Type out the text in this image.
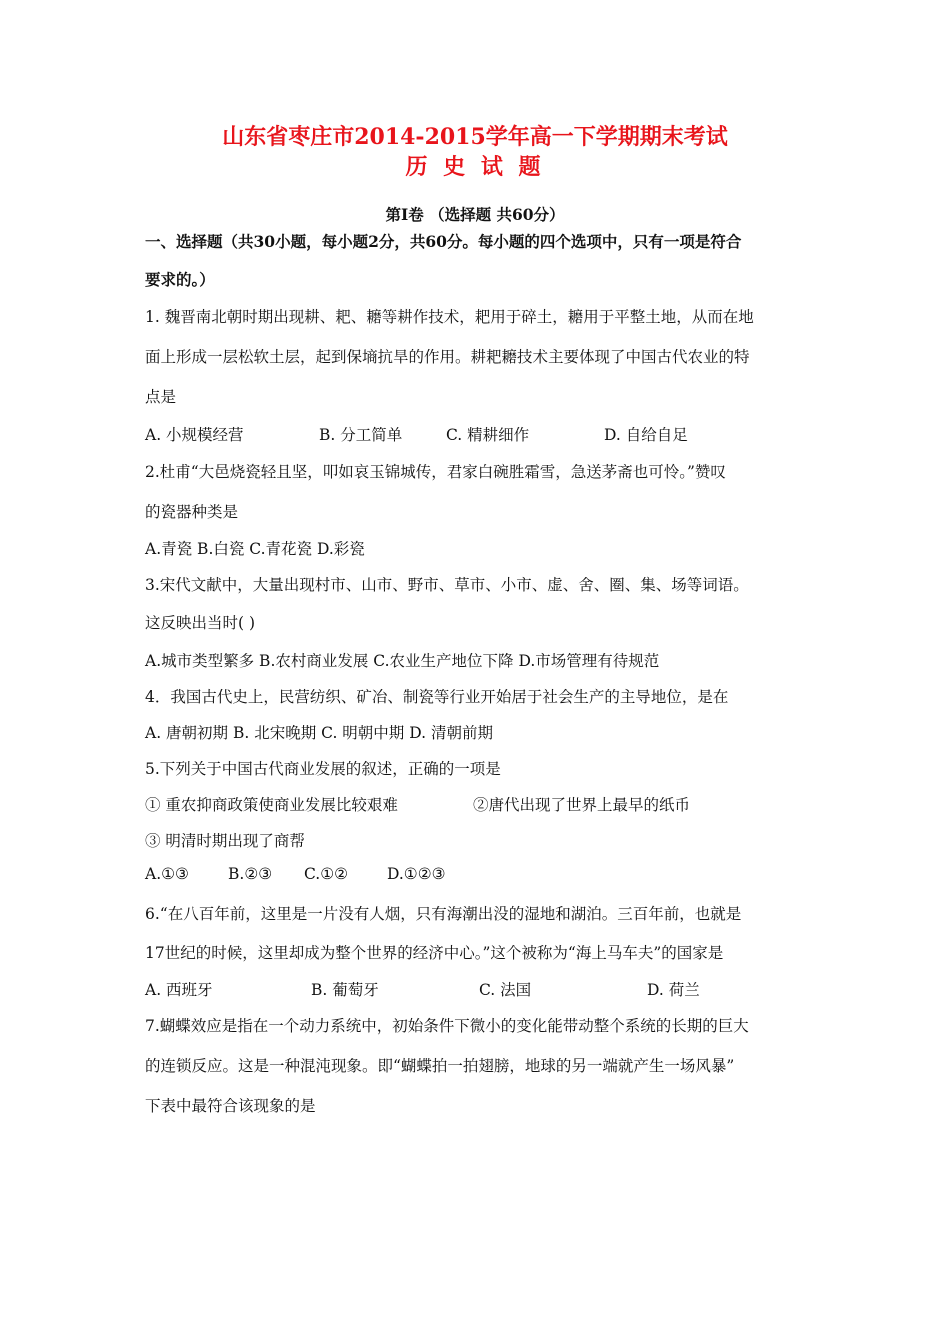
山东省枣庄市2014-2015学年高一下学期期末考试
历 史 试 题
第Ⅰ卷 （选择题 共60分）
一、选择题（共30小题，每小题2分，共60分。每小题的四个选项中，只有一项是符合
要求的。）
1. 魏晋南北朝时期出现耕、耙、耱等耕作技术，耙用于碎土，耱用于平整土地，从而在地
面上形成一层松软土层，起到保墒抗旱的作用。耕耙耱技术主要体现了中国古代农业的特
点是
A. 小规模经营	B. 分工简单	C. 精耕细作	D. 自给自足
2.杜甫“大邑烧瓷轻且坚，叩如哀玉锦城传，君家白碗胜霜雪，急送茅斋也可怜。”赞叹
的瓷器种类是
A.青瓷 B.白瓷 C.青花瓷 D.彩瓷
3.宋代文献中，大量出现村市、山市、野市、草市、小市、虚、舍、圈、集、场等词语。
这反映出当时( )
A.城市类型繁多 B.农村商业发展 C.农业生产地位下降 D.市场管理有待规范
4．我国古代史上，民营纺织、矿冶、制瓷等行业开始居于社会生产的主导地位，是在
A. 唐朝初期 B. 北宋晚期 C. 明朝中期 D. 清朝前期
5.下列关于中国古代商业发展的叙述，正确的一项是
① 重农抑商政策使商业发展比较艰难	②唐代出现了世界上最早的纸币
③ 明清时期出现了商帮
A.①③	B.②③ C.①②	D.①②③
6.“在八百年前，这里是一片没有人烟，只有海潮出没的湿地和湖泊。三百年前，也就是
17世纪的时候，这里却成为整个世界的经济中心。”这个被称为“海上马车夫”的国家是
A. 西班牙	B. 葡萄牙	C. 法国	D. 荷兰
7.蝴蝶效应是指在一个动力系统中，初始条件下微小的变化能带动整个系统的长期的巨大
的连锁反应。这是一种混沌现象。即“蝴蝶拍一拍翅膀，地球的另一端就产生一场风暴”
下表中最符合该现象的是
